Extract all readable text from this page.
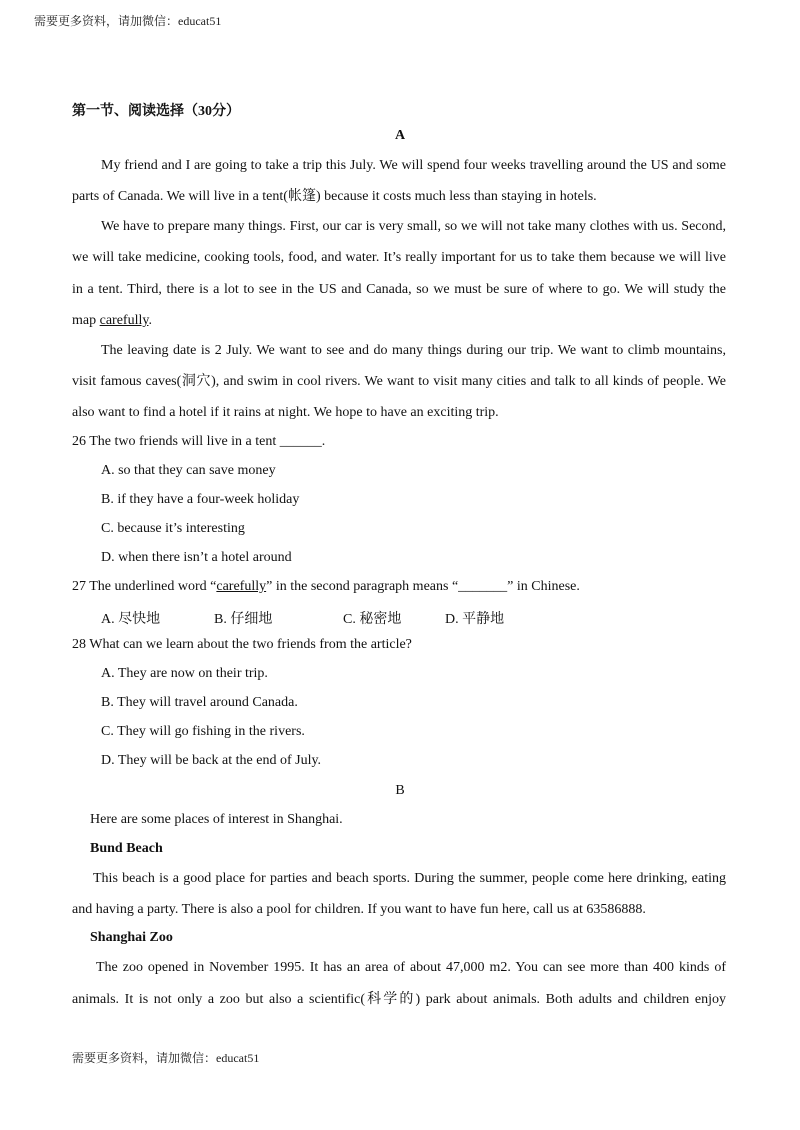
需要更多资料，请加微信：educat51
第一节、阅读选择（30分）
A
My friend and I are going to take a trip this July. We will spend four weeks travelling around the US and some
parts of Canada. We will live in a tent(帐篷) because it costs much less than staying in hotels.
We have to prepare many things. First, our car is very small, so we will not take many clothes with us. Second,
we will take medicine, cooking tools, food, and water. It’s really important for us to take them because we will live
in a tent. Third, there is a lot to see in the US and Canada, so we must be sure of where to go. We will study the
map carefully.
The leaving date is 2 July. We want to see and do many things during our trip. We want to climb mountains,
visit famous caves(洞穴), and swim in cool rivers. We want to visit many cities and talk to all kinds of people. We
also want to find a hotel if it rains at night. We hope to have an exciting trip.
26 The two friends will live in a tent ______.
A. so that they can save money
B. if they have a four-week holiday
C. because it’s interesting
D. when there isn’t a hotel around
27 The underlined word “carefully” in the second paragraph means “_______” in Chinese.
A. 尽快地	B. 仔细地	C. 秘密地	D. 平静地
28 What can we learn about the two friends from the article?
A. They are now on their trip.
B. They will travel around Canada.
C. They will go fishing in the rivers.
D. They will be back at the end of July.
B
Here are some places of interest in Shanghai.
Bund Beach
This beach is a good place for parties and beach sports. During the summer, people come here drinking, eating
and having a party. There is also a pool for children. If you want to have fun here, call us at 63586888.
Shanghai Zoo
The zoo opened in November 1995. It has an area of about 47,000 m2. You can see more than 400 kinds of
animals. It is not only a zoo but also a scientific(科学的) park about animals. Both adults and children enjoy
需要更多资料，请加微信：educat51
